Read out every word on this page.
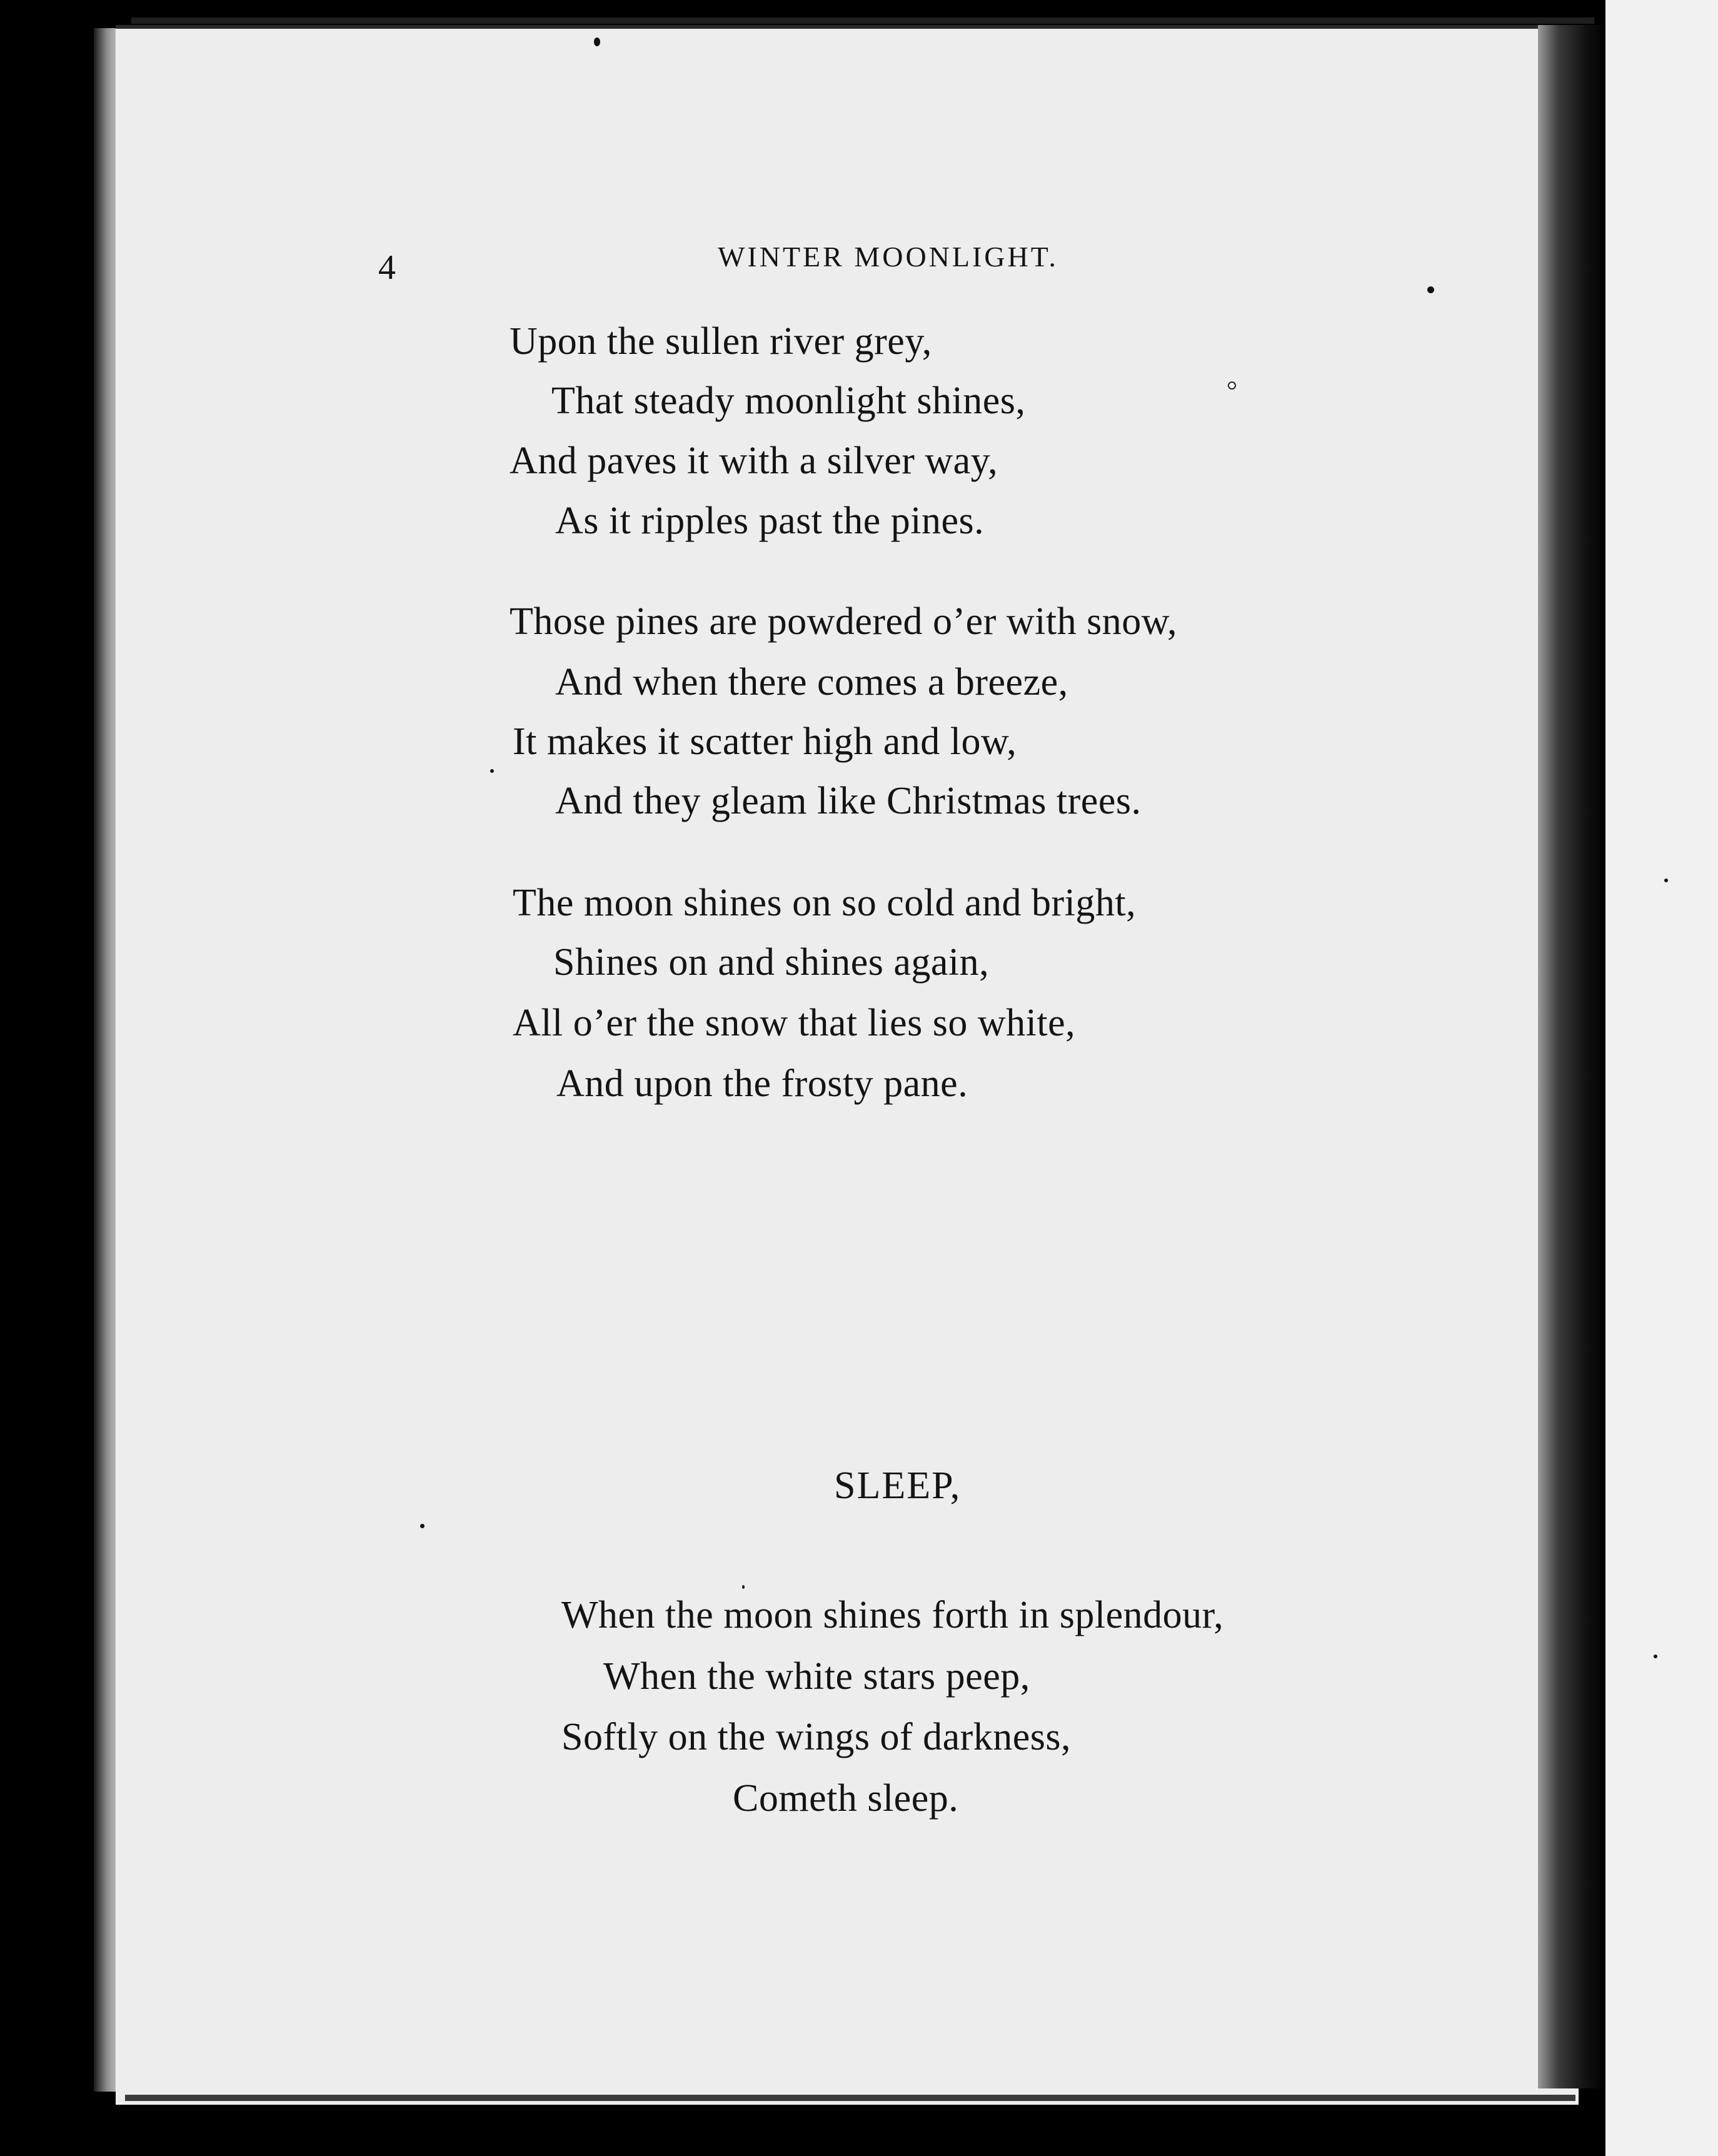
4	WINTER MOONLIGHT.

Upon the sullen river grey,

That steady moonlight shines,

And paves it with a silver way,

As it ripples past the pines.

Those pines are powdered o’er with snow,

And when there comes a breeze,

It makes it scatter high and low,

And they gleam like Christmas trees.

The moon shines on so cold and bright,

Shines on and shines again,

All o’er the snow that lies so white,

And upon the frosty pane.

SLEEP,

When the moon shines forth in splendour,

When the white stars peep,

Softly on the wings of darkness,

Cometh sleep.
